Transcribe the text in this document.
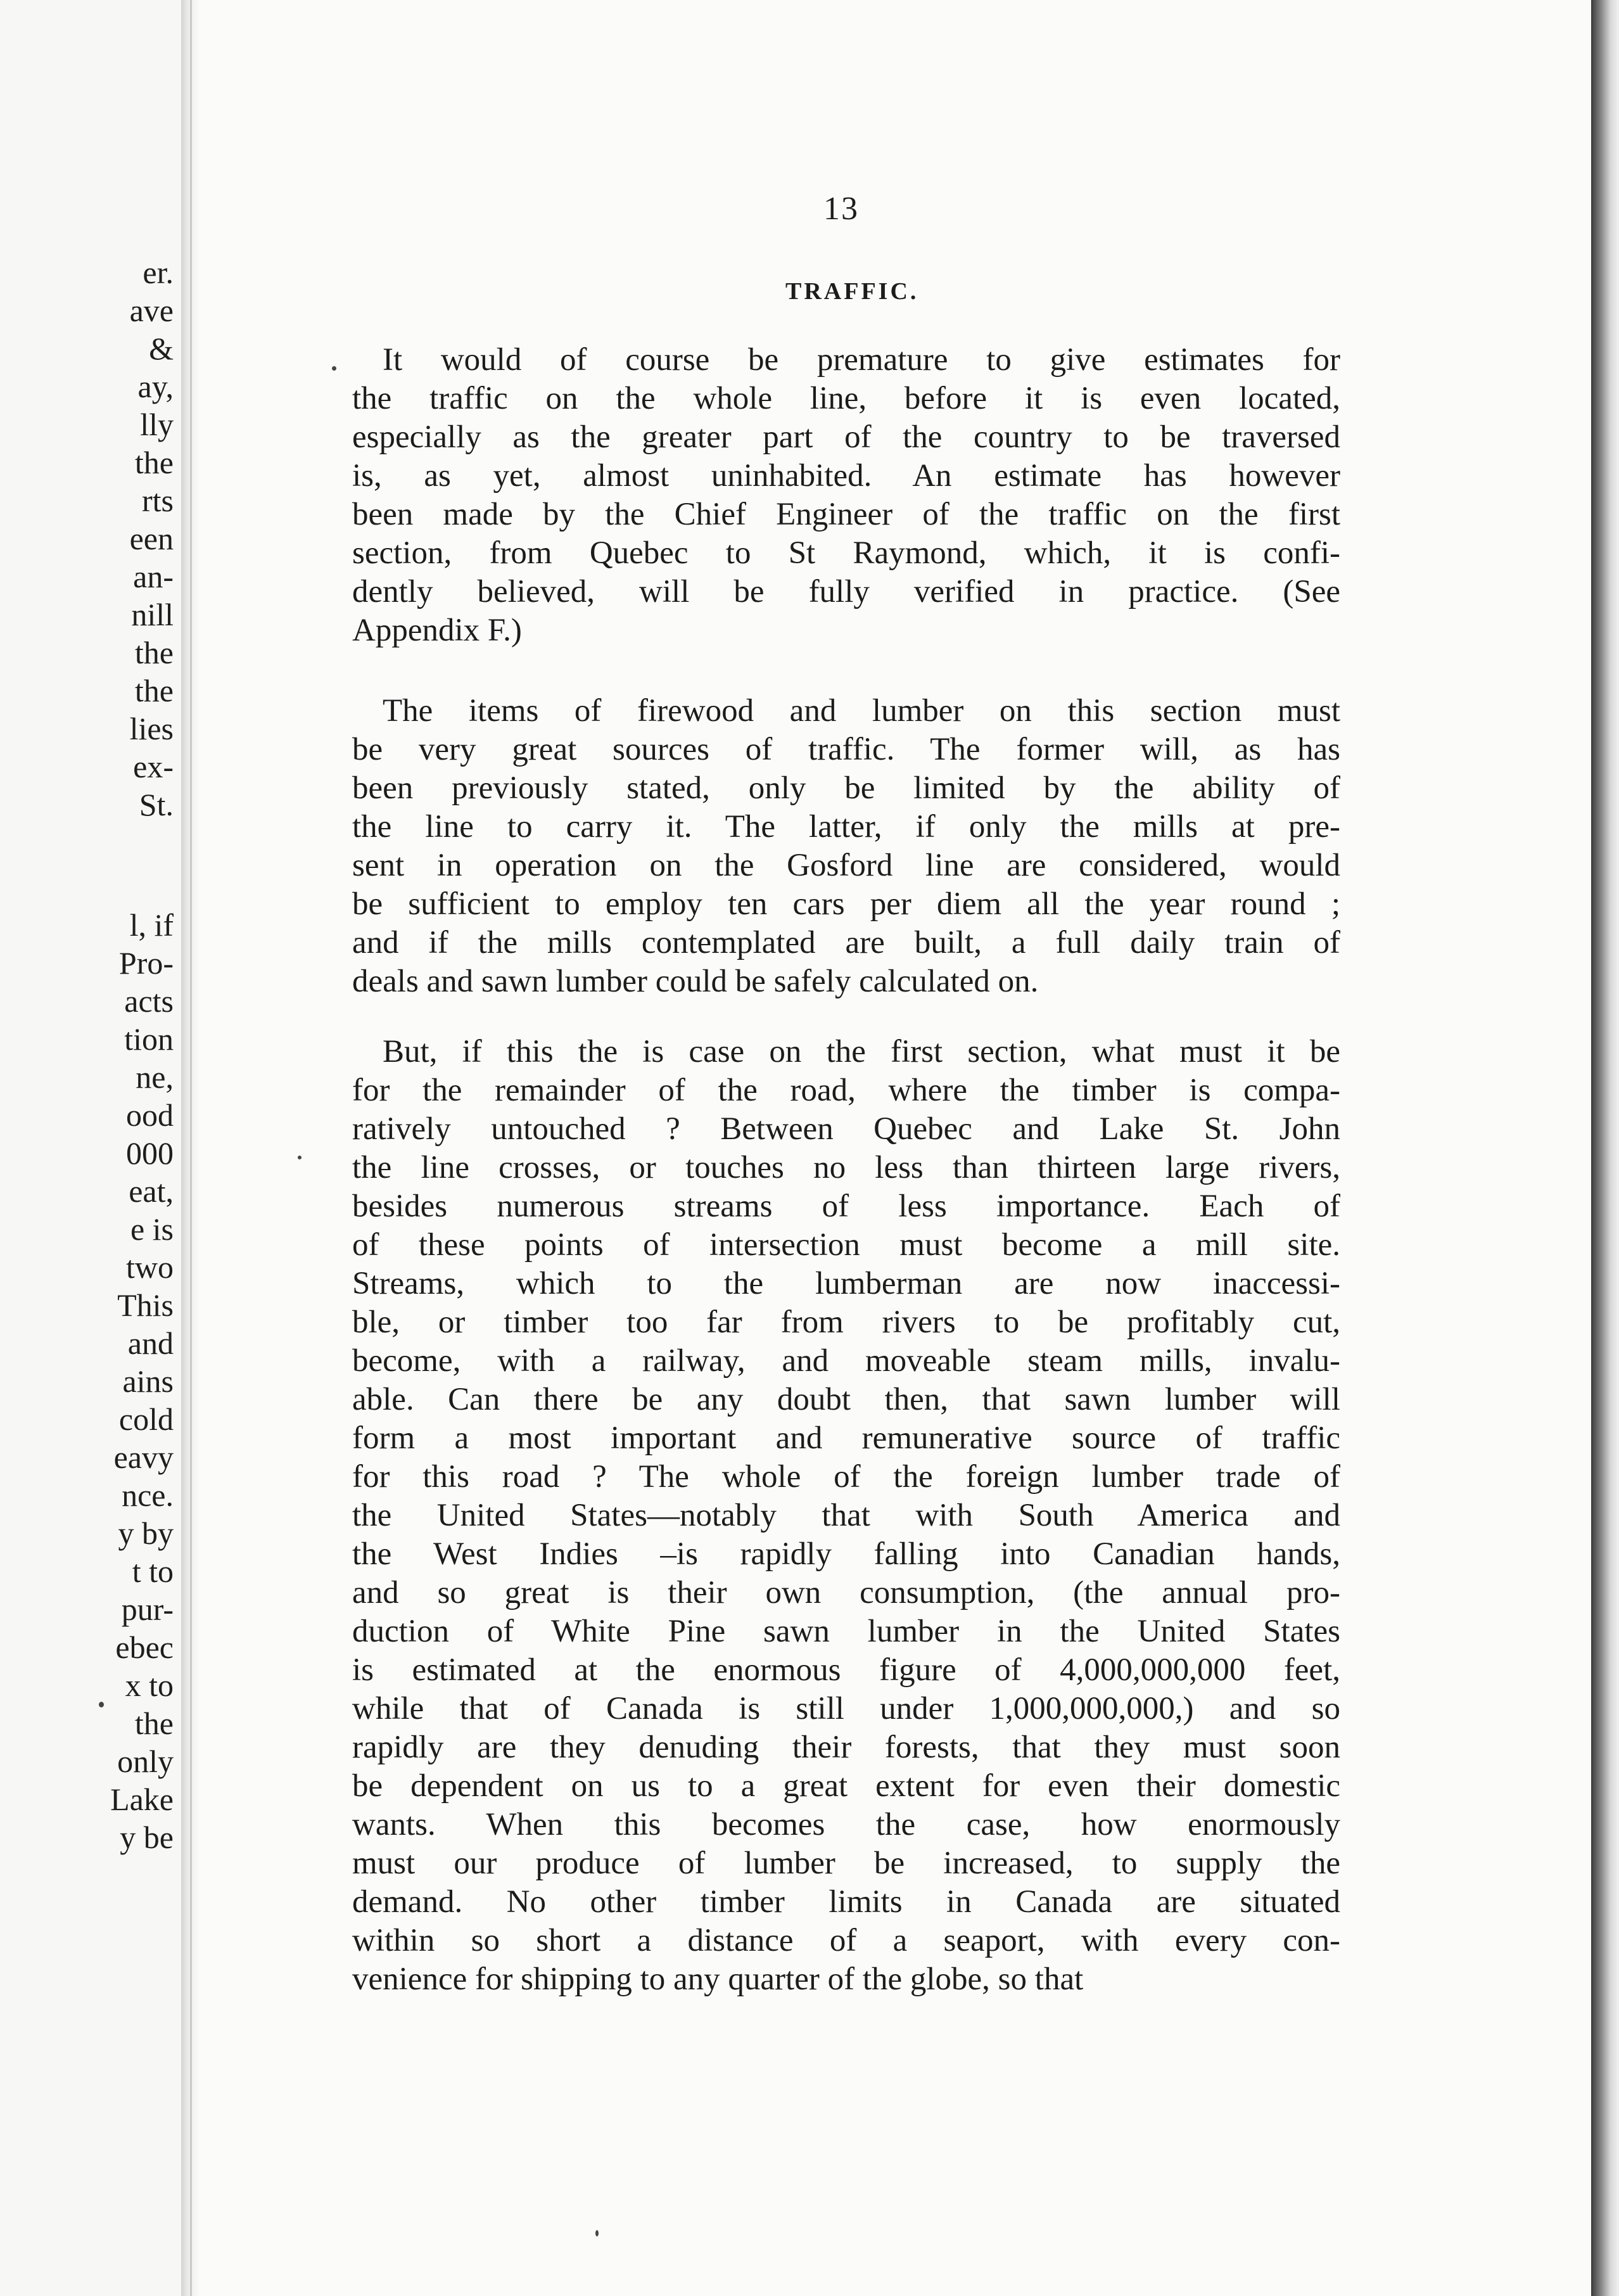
er.
ave
&
ay,
lly
the
rts
een
an-
nill
the
the
lies
ex-
St.
l, if
Pro-
acts
tion
ne,
ood
000
eat,
e is
two
This
and
ains
cold
eavy
nce.
y by
t to
pur-
ebec
x to
the
only
Lake
y be
13
TRAFFIC.
It would of course be premature to give estimates for
the traffic on the whole line, before it is even located,
especially as the greater part of the country to be traversed
is, as yet, almost uninhabited. An estimate has however
been made by the Chief Engineer of the traffic on the first
section, from Quebec to St Raymond, which, it is confi-
dently believed, will be fully verified in practice. (See
Appendix F.)
The items of firewood and lumber on this section must
be very great sources of traffic. The former will, as has
been previously stated, only be limited by the ability of
the line to carry it. The latter, if only the mills at pre-
sent in operation on the Gosford line are considered, would
be sufficient to employ ten cars per diem all the year round ;
and if the mills contemplated are built, a full daily train of
deals and sawn lumber could be safely calculated on.
But, if this the is case on the first section, what must it be
for the remainder of the road, where the timber is compa-
ratively untouched ? Between Quebec and Lake St. John
the line crosses, or touches no less than thirteen large rivers,
besides numerous streams of less importance. Each of
of these points of intersection must become a mill site.
Streams, which to the lumberman are now inaccessi-
ble, or timber too far from rivers to be profitably cut,
become, with a railway, and moveable steam mills, invalu-
able. Can there be any doubt then, that sawn lumber will
form a most important and remunerative source of traffic
for this road ? The whole of the foreign lumber trade of
the United States—notably that with South America and
the West Indies –is rapidly falling into Canadian hands,
and so great is their own consumption, (the annual pro-
duction of White Pine sawn lumber in the United States
is estimated at the enormous figure of 4,000,000,000 feet,
while that of Canada is still under 1,000,000,000,) and so
rapidly are they denuding their forests, that they must soon
be dependent on us to a great extent for even their domestic
wants. When this becomes the case, how enormously
must our produce of lumber be increased, to supply the
demand. No other timber limits in Canada are situated
within so short a distance of a seaport, with every con-
venience for shipping to any quarter of the globe, so that
